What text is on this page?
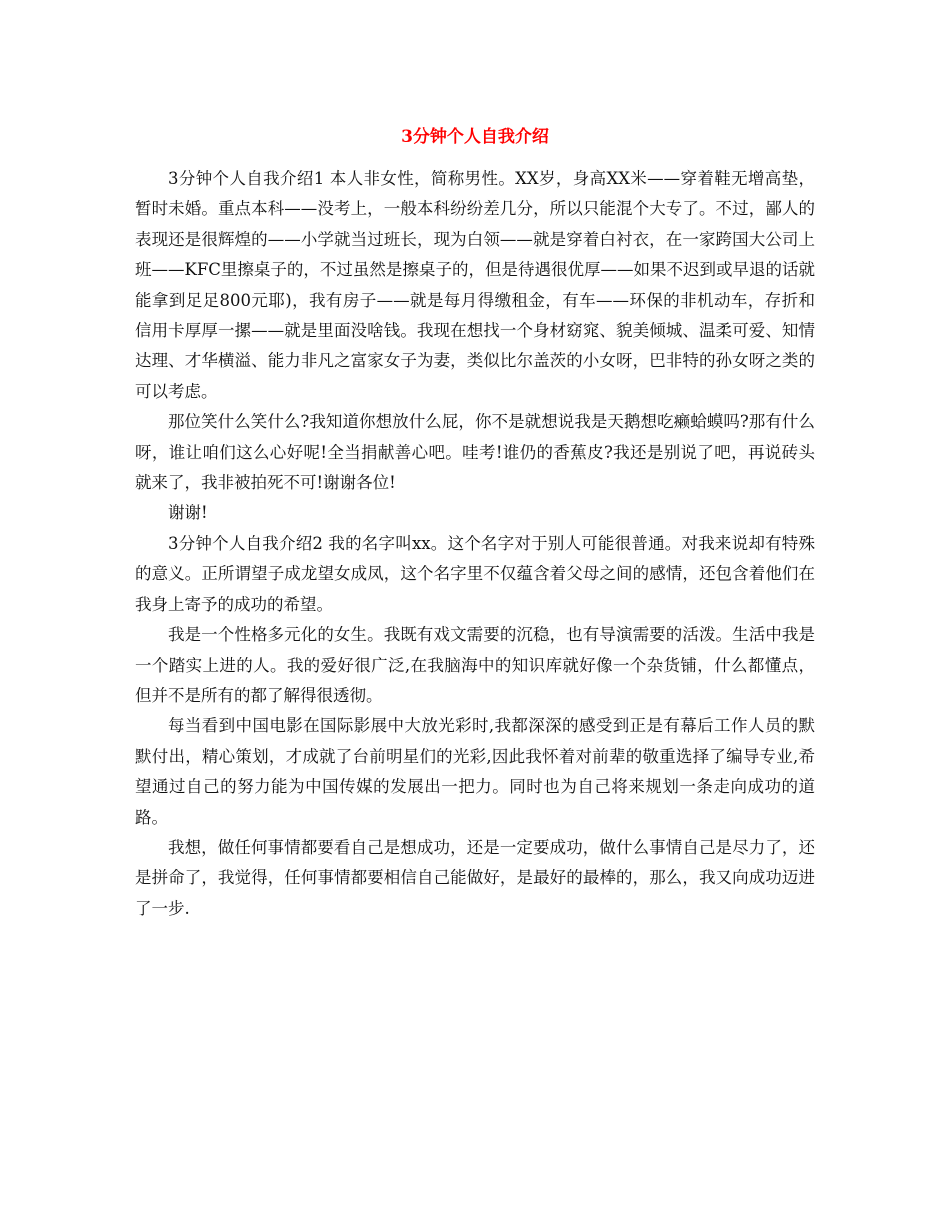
3分钟个人自我介绍

3分钟个人自我介绍1 本人非女性，简称男性。XX岁，身高XX米——穿着鞋无增高垫，暂时未婚。重点本科——没考上，一般本科纷纷差几分，所以只能混个大专了。不过，鄙人的表现还是很辉煌的——小学就当过班长，现为白领——就是穿着白衬衣，在一家跨国大公司上班——KFC里擦桌子的，不过虽然是擦桌子的，但是待遇很优厚——如果不迟到或早退的话就能拿到足足800元耶)，我有房子——就是每月得缴租金，有车——环保的非机动车，存折和信用卡厚厚一摞——就是里面没啥钱。我现在想找一个身材窈窕、貌美倾城、温柔可爱、知情达理、才华横溢、能力非凡之富家女子为妻，类似比尔盖茨的小女呀，巴非特的孙女呀之类的可以考虑。

那位笑什么笑什么?我知道你想放什么屁，你不是就想说我是天鹅想吃癞蛤蟆吗?那有什么呀，谁让咱们这么心好呢!全当捐献善心吧。哇考!谁仍的香蕉皮?我还是别说了吧，再说砖头就来了，我非被拍死不可!谢谢各位!

谢谢!

3分钟个人自我介绍2 我的名字叫xx。这个名字对于别人可能很普通。对我来说却有特殊的意义。正所谓望子成龙望女成凤，这个名字里不仅蕴含着父母之间的感情，还包含着他们在我身上寄予的成功的希望。

我是一个性格多元化的女生。我既有戏文需要的沉稳，也有导演需要的活泼。生活中我是一个踏实上进的人。我的爱好很广泛,在我脑海中的知识库就好像一个杂货铺，什么都懂点，但并不是所有的都了解得很透彻。

每当看到中国电影在国际影展中大放光彩时,我都深深的感受到正是有幕后工作人员的默默付出，精心策划，才成就了台前明星们的光彩,因此我怀着对前辈的敬重选择了编导专业,希望通过自己的努力能为中国传媒的发展出一把力。同时也为自己将来规划一条走向成功的道路。

我想，做任何事情都要看自己是想成功，还是一定要成功，做什么事情自己是尽力了，还是拼命了，我觉得，任何事情都要相信自己能做好，是最好的最棒的，那么，我又向成功迈进了一步.
